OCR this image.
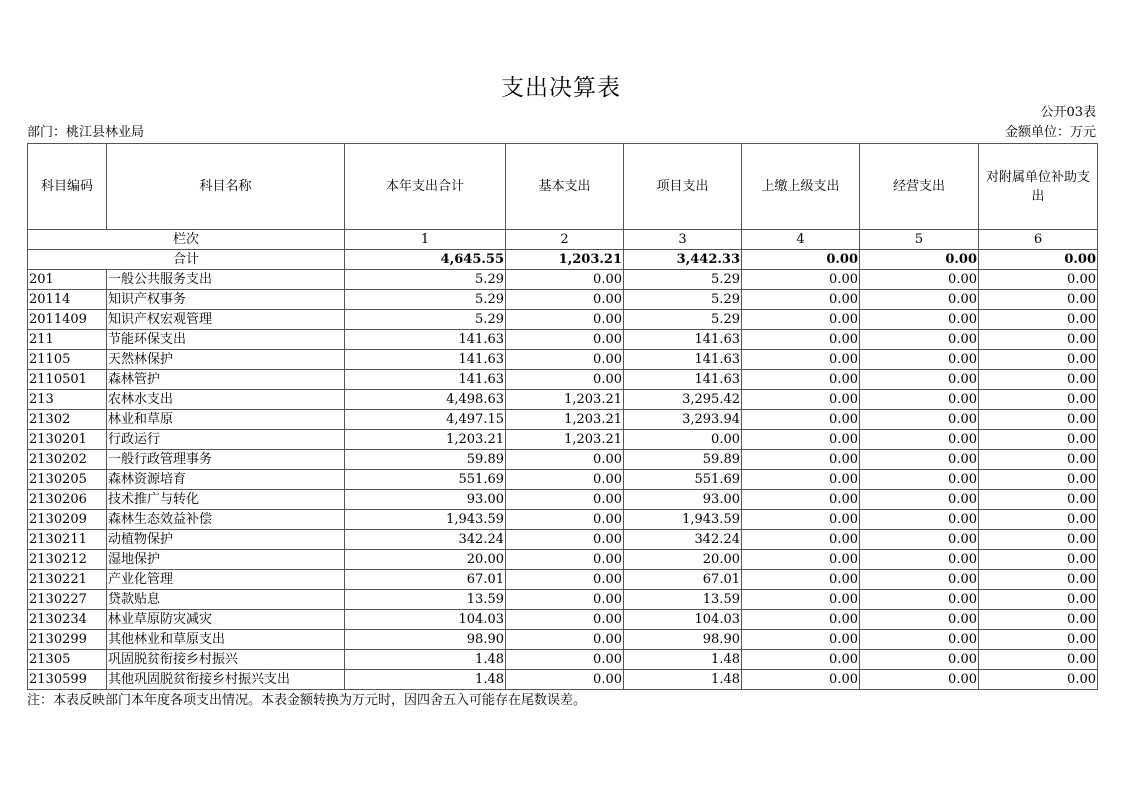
支出决算表
公开03表
部门：桃江县林业局	金额单位：万元
科目编码	科目名称	本年支出合计	基本支出	项目支出	上缴上级支出	经营支出	对附属单位补助支出
栏次		1	2	3	4	5	6
合计		4,645.55	1,203.21	3,442.33	0.00	0.00	0.00
201	一般公共服务支出	5.29	0.00	5.29	0.00	0.00	0.00
20114	知识产权事务	5.29	0.00	5.29	0.00	0.00	0.00
2011409	知识产权宏观管理	5.29	0.00	5.29	0.00	0.00	0.00
211	节能环保支出	141.63	0.00	141.63	0.00	0.00	0.00
21105	天然林保护	141.63	0.00	141.63	0.00	0.00	0.00
2110501	森林管护	141.63	0.00	141.63	0.00	0.00	0.00
213	农林水支出	4,498.63	1,203.21	3,295.42	0.00	0.00	0.00
21302	林业和草原	4,497.15	1,203.21	3,293.94	0.00	0.00	0.00
2130201	行政运行	1,203.21	1,203.21	0.00	0.00	0.00	0.00
2130202	一般行政管理事务	59.89	0.00	59.89	0.00	0.00	0.00
2130205	森林资源培育	551.69	0.00	551.69	0.00	0.00	0.00
2130206	技术推广与转化	93.00	0.00	93.00	0.00	0.00	0.00
2130209	森林生态效益补偿	1,943.59	0.00	1,943.59	0.00	0.00	0.00
2130211	动植物保护	342.24	0.00	342.24	0.00	0.00	0.00
2130212	湿地保护	20.00	0.00	20.00	0.00	0.00	0.00
2130221	产业化管理	67.01	0.00	67.01	0.00	0.00	0.00
2130227	贷款贴息	13.59	0.00	13.59	0.00	0.00	0.00
2130234	林业草原防灾减灾	104.03	0.00	104.03	0.00	0.00	0.00
2130299	其他林业和草原支出	98.90	0.00	98.90	0.00	0.00	0.00
21305	巩固脱贫衔接乡村振兴	1.48	0.00	1.48	0.00	0.00	0.00
2130599	其他巩固脱贫衔接乡村振兴支出	1.48	0.00	1.48	0.00	0.00	0.00
注：本表反映部门本年度各项支出情况。本表金额转换为万元时，因四舍五入可能存在尾数误差。
